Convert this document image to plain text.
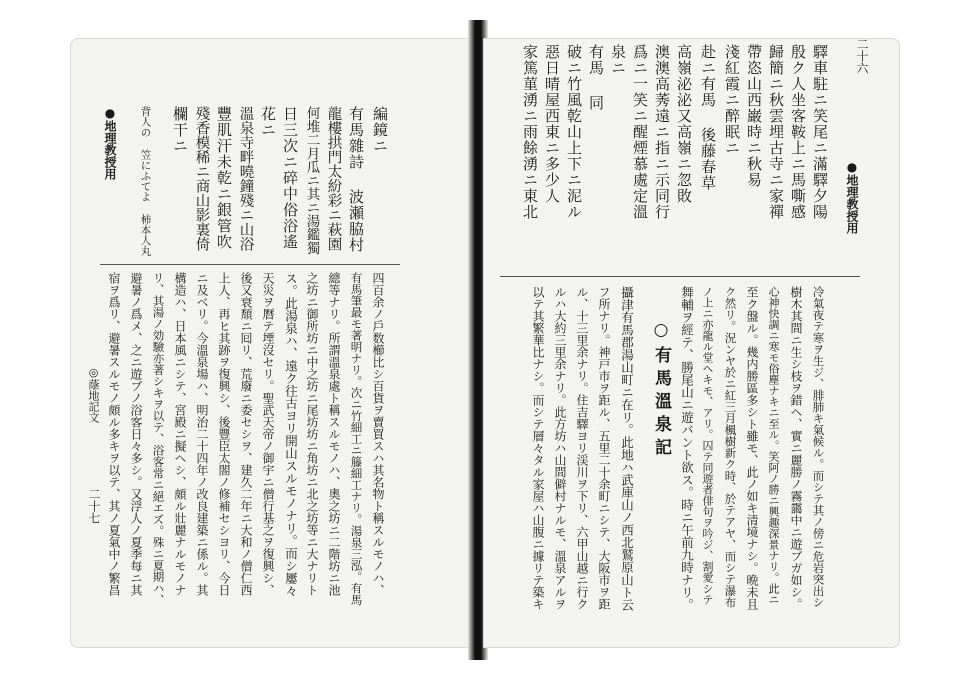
●地理教授用
二十六
驛車駐ニ笑尾ニ滿驛夕陽
殷ク人坐客鞍上ニ馬嘶感
歸簡ニ秋雲埋古寺ニ家禪
帶恣山西巌時ニ秋易
淺紅霞ニ醉眠ニ
赴ニ有馬 後藤春草
高嶺泌泌又高嶺ニ忽敗
澳澳高莠遠ニ指ニ示同行
爲ニ一笑ニ醒煙慕處定溫
泉ニ
有馬 同
破ニ竹風乾山上下ニ泥ル
惡日晴屋西東ニ多少人
家篤菫湧ニ雨餘湧ニ東北
冷氣夜テ寒ヲ生ジ、腓肺キ氣候ル。而シテ其ノ傍ニ危岩突出シ
樹木其間ニ生シ枝ヲ錯ヘ、實ニ麗勝ノ霧靄中ニ遊ブガ如シ。
心神快調ニ寒モ俗塵ナキニ至ル。笑阿ノ勝ニ興趣深景ナリ。此ニ
至ク盤ル。幾内勝區多シト雖モ、此ノ如キ清境ナシ。晩未且
ク然リ。況ンヤ於ニ紅三月楓樹新ク時、於テアヤ、而シテ瀑布
ノ上ニ亦龍ル堂ヘキモ、アリ。囚テ同遊者俳句ヲ吟ジ、割愛シテ
舞輔ヲ經テ、勝尾山ニ遊バント欲ス。時ニ午前九時ナリ。
○有馬溫泉記
攝津有馬郡湯山町ニ在リ。此地ハ武庫山ノ西北鷲原山ト云
フ所ナリ。神戸市ヲ距ル、五里二十余町ニシテ、大阪市ヲ距
ル、十三里余ナリ。住吉驛ヨリ渓川ヲ下リ、六甲山越ニ行ク
ルハ大約三里余ナリ。此方坊ハ山間僻村ナルモ、溫泉アルヲ
以テ其繁華比ナシ。而シテ層々タル家屋ハ山腹ニ據リテ築キ
二十七
◎蔭地記文
編鏡ニ
有馬雜詩 波瀬脇村
龍樓拱門太紛彩ニ萩園
何堆二月瓜ニ其ニ湯鑑獨
日三次ニ碎中俗浴遙
花ニ
溫泉寺畔曉鐘殘ニ山浴
豐肌汗未乾ニ銀管吹
殘香模稀ニ商山影裏倚
欄干ニ
背人の 笠にふてよ 柿本人丸
●地理教授用
四百余ノ戶数櫛比シ百貨ヲ賣買スハ其名物ト稱スルモノハ、
有馬筆最モ著明ナリ。次ニ竹細工ニ籐細工ナリ。湯泉三泓。有馬
總等ナリ。所謂溫泉處ト稱スルモノハ、奧之坊ニ二階坊ニ池
之坊ニ御所坊ニ中之坊ニ尾坊坊ニ角坊ニ北之坊等ニ大ナリト
ス。此湯泉ハ、遠ク往古ヨリ開山スルモノナリ。而シ屢々
天災ヲ曆テ堙沒セリ。聖武天帝ノ御宇ニ僧行基之ヲ復興シ、
後又衰頽ニ囘リ、荒廢ニ委セシヲ、建久二年ニ大和ノ僧仁西
上人、再ヒ其跡ヲ復興シ、後豐臣太閤ノ修補セシヨリ、今日
ニ及ベリ。今溫泉場ハ、明治二十四年ノ改良建築ニ係ル。其
構造ハ、日本風ニシテ、宮殿ニ擬ヘシ、頗ル壯麗ナルモノナ
リ、其湯ノ効驗亦著シキヲ以テ、浴客常ニ絕エズ。殊ニ夏期ハ、
避暑ノ爲メ、之ニ遊ブノ浴客日々多シ。又浮人ノ夏季每ニ其
宿ヲ爲リ、避暑スルモノ頗ル多キヲ以テ、其ノ夏氣中ノ繁昌
